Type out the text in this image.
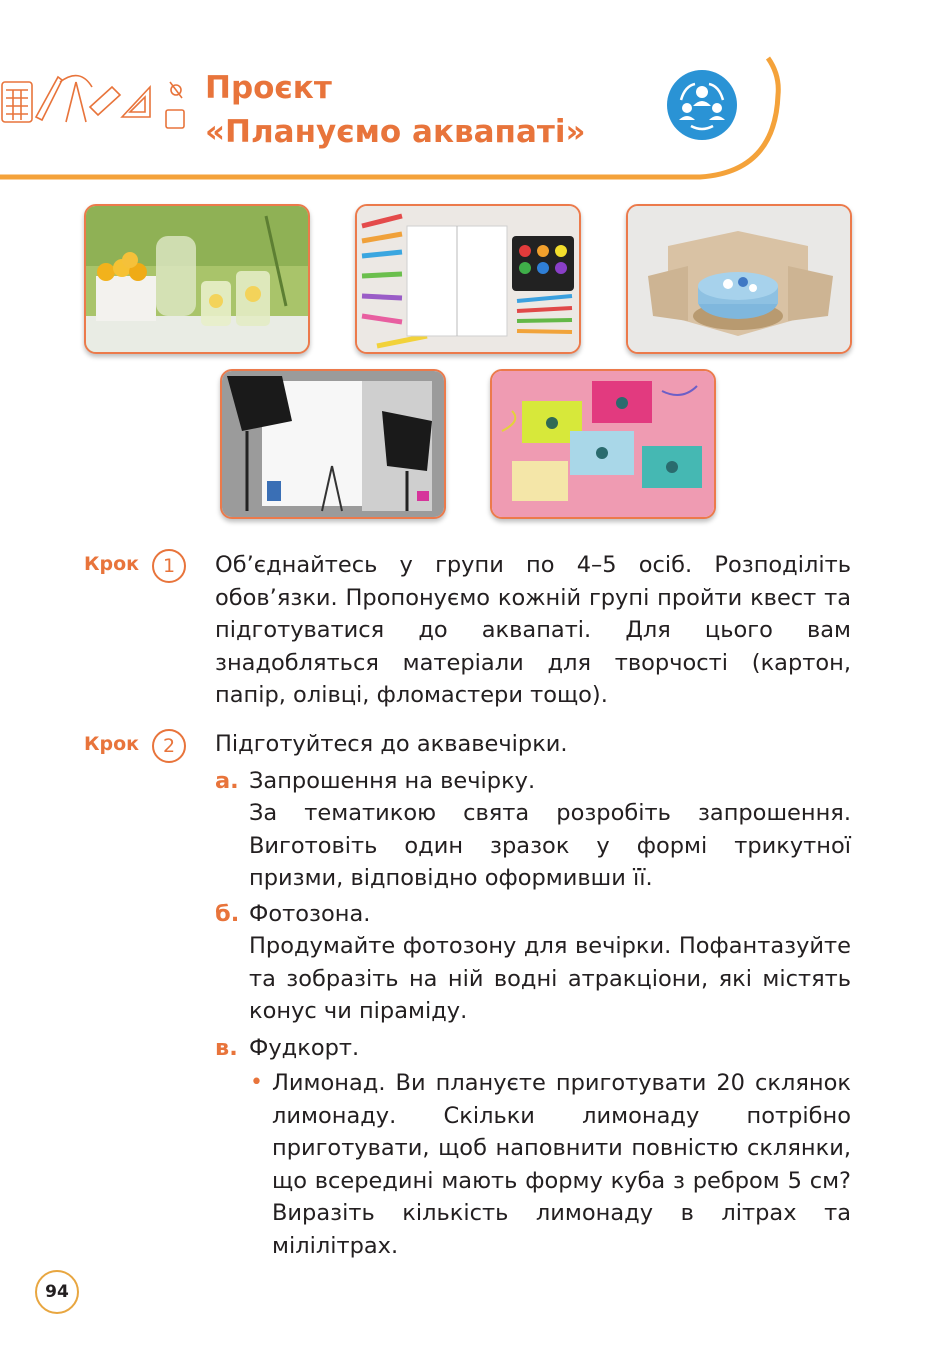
Проєкт
«Плануємо аквапаті»
Крок	1	Об’єднайтесь у групи по 4–5 осіб. Розподіліть обов’язки. Пропонуємо кожній групі пройти квест та підготуватися до аквапаті. Для цього вам знадобляться матеріали для творчості (картон, папір, олівці, фломастери тощо).
Крок	2	Підготуйтеся до аквавечірки.
а. Запрошення на вечірку.
За тематикою свята розробіть запрошення. Виготовіть один зразок у формі трикутної призми, відповідно оформивши її.
б. Фотозона.
Продумайте фотозону для вечірки. Пофантазуйте та зобразіть на ній водні атракціони, які містять конус чи піраміду.
в. Фудкорт.
• Лимонад. Ви плануєте приготувати 20 склянок лимонаду. Скільки лимонаду потрібно приготувати, щоб наповнити повністю склянки, що всередині мають форму куба з ребром 5 см? Виразіть кількість лимонаду в літрах та мілілітрах.
94
